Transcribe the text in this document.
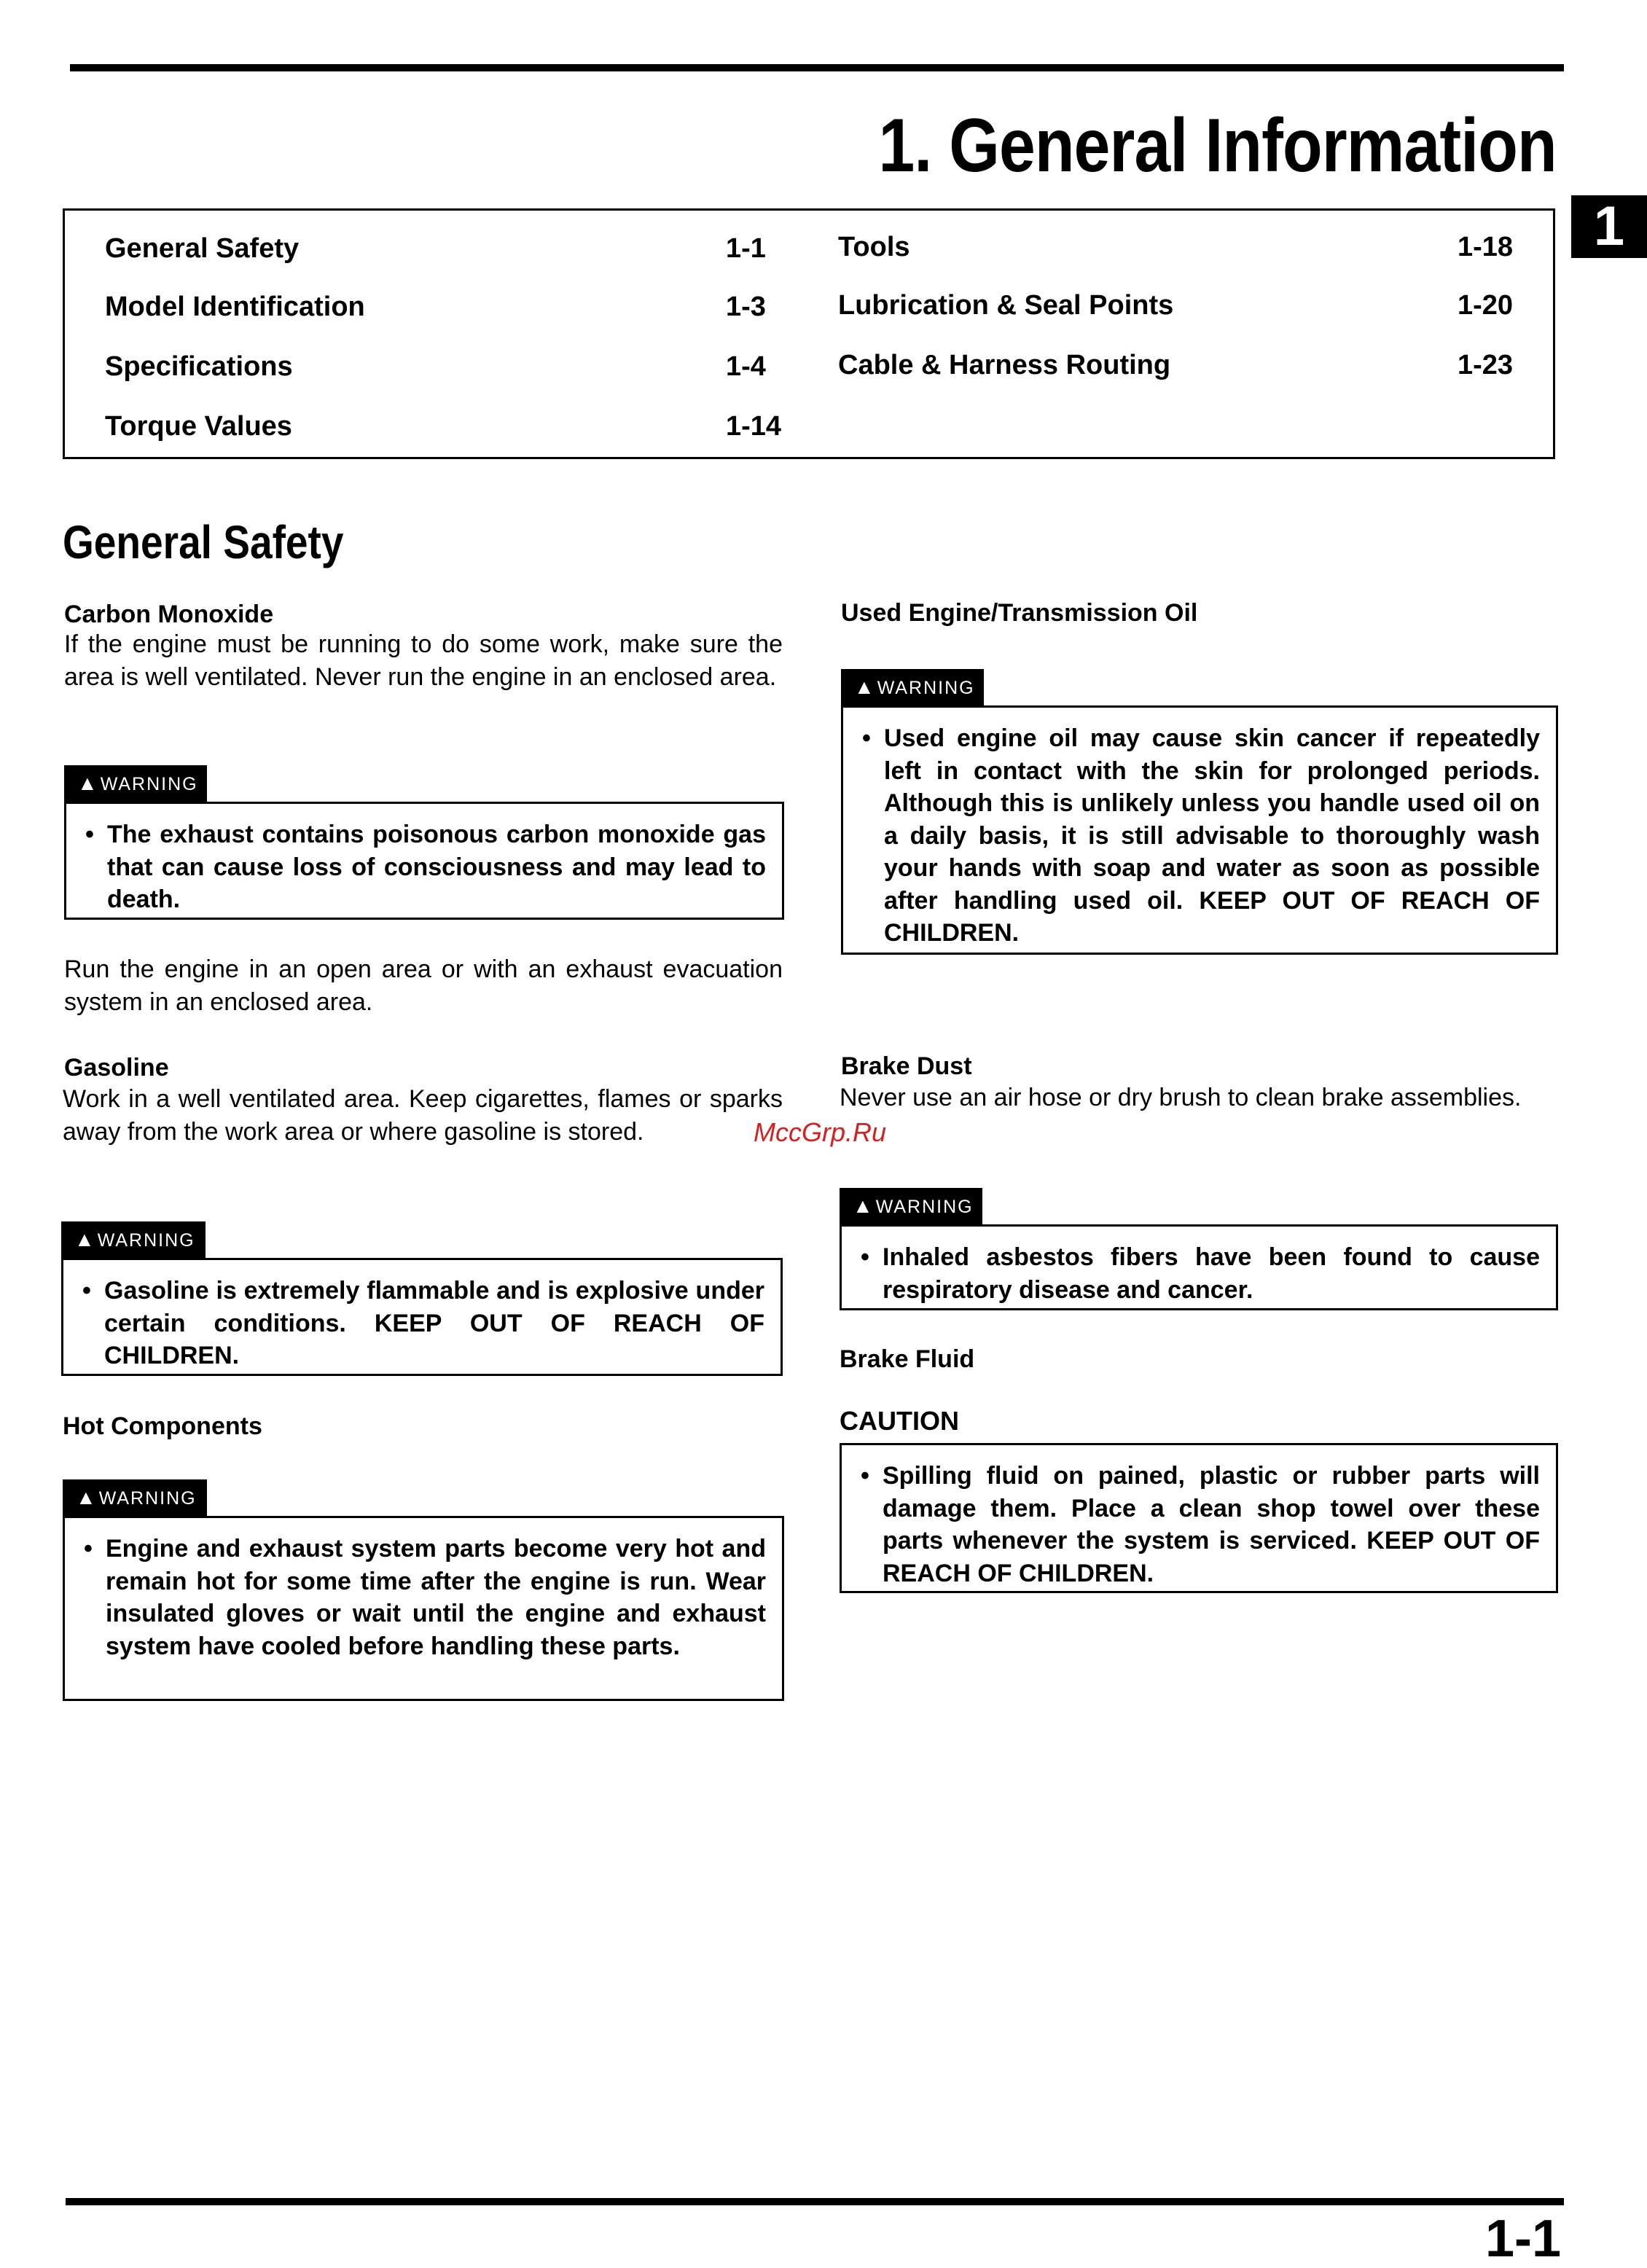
1. General Information
1
General Safety	1-1
Model Identification	1-3
Specifications	1-4
Torque Values	1-14
Tools	1-18
Lubrication & Seal Points	1-20
Cable & Harness Routing	1-23
General Safety
Carbon Monoxide
If the engine must be running to do some work, make sure the area is well ventilated. Never run the engine in an enclosed area.
▲WARNING
• The exhaust contains poisonous carbon monoxide gas that can cause loss of consciousness and may lead to death.
Run the engine in an open area or with an exhaust evacuation system in an enclosed area.
Gasoline
Work in a well ventilated area. Keep cigarettes, flames or sparks away from the work area or where gasoline is stored.
▲WARNING
• Gasoline is extremely flammable and is explosive under certain conditions. KEEP OUT OF REACH OF CHILDREN.
Hot Components
▲WARNING
• Engine and exhaust system parts become very hot and remain hot for some time after the engine is run. Wear insulated gloves or wait until the engine and exhaust system have cooled before handling these parts.
Used Engine/Transmission Oil
▲WARNING
• Used engine oil may cause skin cancer if repeatedly left in contact with the skin for prolonged periods. Although this is unlikely unless you handle used oil on a daily basis, it is still advisable to thoroughly wash your hands with soap and water as soon as possible after handling used oil. KEEP OUT OF REACH OF CHILDREN.
Brake Dust
Never use an air hose or dry brush to clean brake assemblies.
▲WARNING
• Inhaled asbestos fibers have been found to cause respiratory disease and cancer.
Brake Fluid
CAUTION
• Spilling fluid on pained, plastic or rubber parts will damage them. Place a clean shop towel over these parts whenever the system is serviced. KEEP OUT OF REACH OF CHILDREN.
MccGrp.Ru
1-1
